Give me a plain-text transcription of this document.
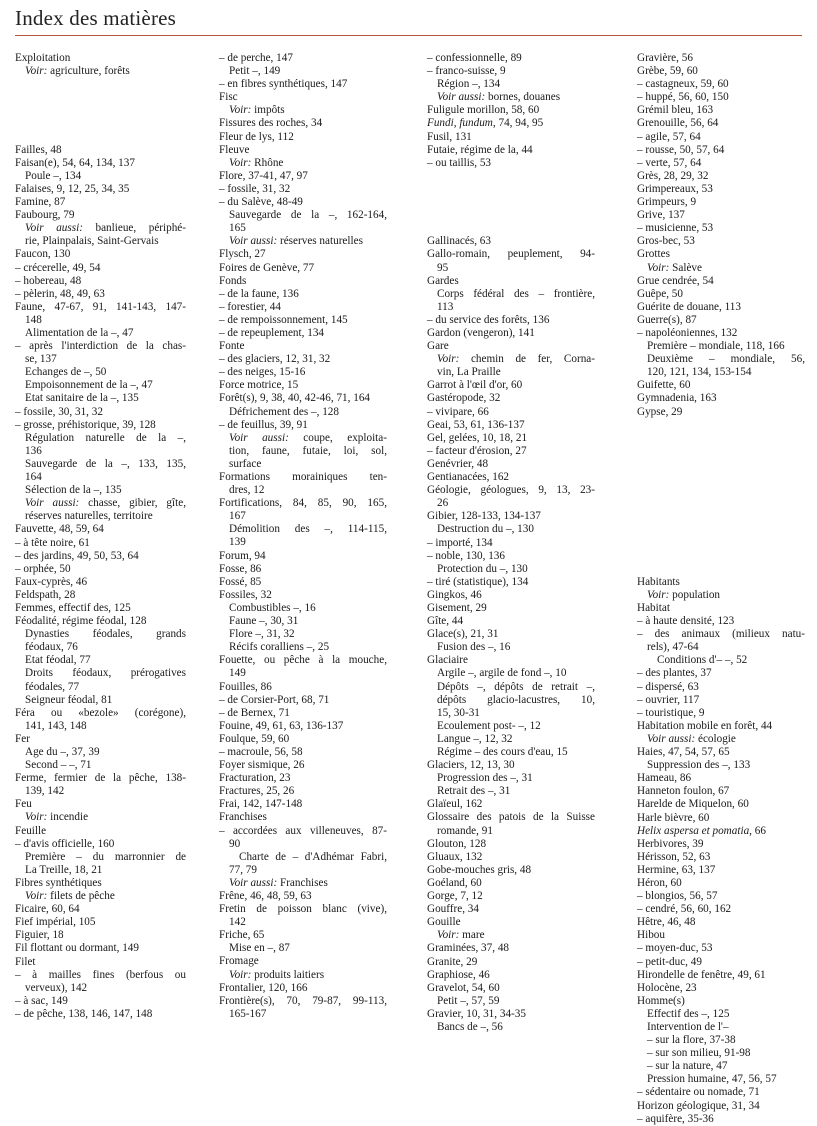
Index des matières
Exploitation
Voir: agriculture, forêts
Failles, 48
Faisan(e), 54, 64, 134, 137
Poule –, 134
Falaises, 9, 12, 25, 34, 35
Famine, 87
Faubourg, 79
Voir aussi: banlieue, périphé-
rie, Plainpalais, Saint-Gervais
Faucon, 130
– crécerelle, 49, 54
– hobereau, 48
– pèlerin, 48, 49, 63
Faune, 47-67, 91, 141-143, 147-
148
Alimentation de la –, 47
– après l'interdiction de la chas-
se, 137
Echanges de –, 50
Empoisonnement de la –, 47
Etat sanitaire de la –, 135
– fossile, 30, 31, 32
– grosse, préhistorique, 39, 128
Régulation naturelle de la –,
136
Sauvegarde de la –, 133, 135,
164
Sélection de la –, 135
Voir aussi: chasse, gibier, gîte,
réserves naturelles, territoire
Fauvette, 48, 59, 64
– à tête noire, 61
– des jardins, 49, 50, 53, 64
– orphée, 50
Faux-cyprès, 46
Feldspath, 28
Femmes, effectif des, 125
Féodalité, régime féodal, 128
Dynasties féodales, grands
féodaux, 76
Etat féodal, 77
Droits féodaux, prérogatives
féodales, 77
Seigneur féodal, 81
Féra ou «bezole» (corégone),
141, 143, 148
Fer
Age du –, 37, 39
Second – –, 71
Ferme, fermier de la pêche, 138-
139, 142
Feu
Voir: incendie
Feuille
– d'avis officielle, 160
Première – du marronnier de
La Treille, 18, 21
Fibres synthétiques
Voir: filets de pêche
Ficaire, 60, 64
Fief impérial, 105
Figuier, 18
Fil flottant ou dormant, 149
Filet
– à mailles fines (berfous ou
verveux), 142
– à sac, 149
– de pêche, 138, 146, 147, 148
– de perche, 147
Petit –, 149
– en fibres synthétiques, 147
Fisc
Voir: impôts
Fissures des roches, 34
Fleur de lys, 112
Fleuve
Voir: Rhône
Flore, 37-41, 47, 97
– fossile, 31, 32
– du Salève, 48-49
Sauvegarde de la –, 162-164,
165
Voir aussi: réserves naturelles
Flysch, 27
Foires de Genève, 77
Fonds
– de la faune, 136
– forestier, 44
– de rempoissonnement, 145
– de repeuplement, 134
Fonte
– des glaciers, 12, 31, 32
– des neiges, 15-16
Force motrice, 15
Forêt(s), 9, 38, 40, 42-46, 71, 164
Défrichement des –, 128
– de feuillus, 39, 91
Voir aussi: coupe, exploita-
tion, faune, futaie, loi, sol,
surface
Formations morainiques ten-
dres, 12
Fortifications, 84, 85, 90, 165,
167
Démolition des –, 114-115,
139
Forum, 94
Fosse, 86
Fossé, 85
Fossiles, 32
Combustibles –, 16
Faune –, 30, 31
Flore –, 31, 32
Récifs coralliens –, 25
Fouette, ou pêche à la mouche,
149
Fouilles, 86
– de Corsier-Port, 68, 71
– de Bernex, 71
Fouine, 49, 61, 63, 136-137
Foulque, 59, 60
– macroule, 56, 58
Foyer sismique, 26
Fracturation, 23
Fractures, 25, 26
Frai, 142, 147-148
Franchises
– accordées aux villeneuves, 87-
90
Charte de – d'Adhémar Fabri,
77, 79
Voir aussi: Franchises
Frêne, 46, 48, 59, 63
Fretin de poisson blanc (vive),
142
Friche, 65
Mise en –, 87
Fromage
Voir: produits laitiers
Frontalier, 120, 166
Frontière(s), 70, 79-87, 99-113,
165-167
– confessionnelle, 89
– franco-suisse, 9
Région –, 134
Voir aussi: bornes, douanes
Fuligule morillon, 58, 60
Fundi, fundum, 74, 94, 95
Fusil, 131
Futaie, régime de la, 44
– ou taillis, 53
Gallinacés, 63
Gallo-romain, peuplement, 94-
95
Gardes
Corps fédéral des – frontière,
113
– du service des forêts, 136
Gardon (vengeron), 141
Gare
Voir: chemin de fer, Corna-
vin, La Praille
Garrot à l'œil d'or, 60
Gastéropode, 32
– vivipare, 66
Geai, 53, 61, 136-137
Gel, gelées, 10, 18, 21
– facteur d'érosion, 27
Genévrier, 48
Gentianacées, 162
Géologie, géologues, 9, 13, 23-
26
Gibier, 128-133, 134-137
Destruction du –, 130
– importé, 134
– noble, 130, 136
Protection du –, 130
– tiré (statistique), 134
Gingkos, 46
Gisement, 29
Gîte, 44
Glace(s), 21, 31
Fusion des –, 16
Glaciaire
Argile –, argile de fond –, 10
Dépôts –, dépôts de retrait –,
dépôts glacio-lacustres, 10,
15, 30-31
Ecoulement post- –, 12
Langue –, 12, 32
Régime – des cours d'eau, 15
Glaciers, 12, 13, 30
Progression des –, 31
Retrait des –, 31
Glaïeul, 162
Glossaire des patois de la Suisse
romande, 91
Glouton, 128
Gluaux, 132
Gobe-mouches gris, 48
Goéland, 60
Gorge, 7, 12
Gouffre, 34
Gouille
Voir: mare
Graminées, 37, 48
Granite, 29
Graphiose, 46
Gravelot, 54, 60
Petit –, 57, 59
Gravier, 10, 31, 34-35
Bancs de –, 56
Gravière, 56
Grèbe, 59, 60
– castagneux, 59, 60
– huppé, 56, 60, 150
Grémil bleu, 163
Grenouille, 56, 64
– agile, 57, 64
– rousse, 50, 57, 64
– verte, 57, 64
Grès, 28, 29, 32
Grimpereaux, 53
Grimpeurs, 9
Grive, 137
– musicienne, 53
Gros-bec, 53
Grottes
Voir: Salève
Grue cendrée, 54
Guêpe, 50
Guérite de douane, 113
Guerre(s), 87
– napoléoniennes, 132
Première – mondiale, 118, 166
Deuxième – mondiale, 56,
120, 121, 134, 153-154
Guifette, 60
Gymnadenia, 163
Gypse, 29
Habitants
Voir: population
Habitat
– à haute densité, 123
– des animaux (milieux natu-
rels), 47-64
Conditions d'– –, 52
– des plantes, 37
– dispersé, 63
– ouvrier, 117
– touristique, 9
Habitation mobile en forêt, 44
Voir aussi: écologie
Haies, 47, 54, 57, 65
Suppression des –, 133
Hameau, 86
Hanneton foulon, 67
Harelde de Miquelon, 60
Harle bièvre, 60
Helix aspersa et pomatia, 66
Herbivores, 39
Hérisson, 52, 63
Hermine, 63, 137
Héron, 60
– blongios, 56, 57
– cendré, 56, 60, 162
Hêtre, 46, 48
Hibou
– moyen-duc, 53
– petit-duc, 49
Hirondelle de fenêtre, 49, 61
Holocène, 23
Homme(s)
Effectif des –, 125
Intervention de l'–
– sur la flore, 37-38
– sur son milieu, 91-98
– sur la nature, 47
Pression humaine, 47, 56, 57
– sédentaire ou nomade, 71
Horizon géologique, 31, 34
– aquifère, 35-36
